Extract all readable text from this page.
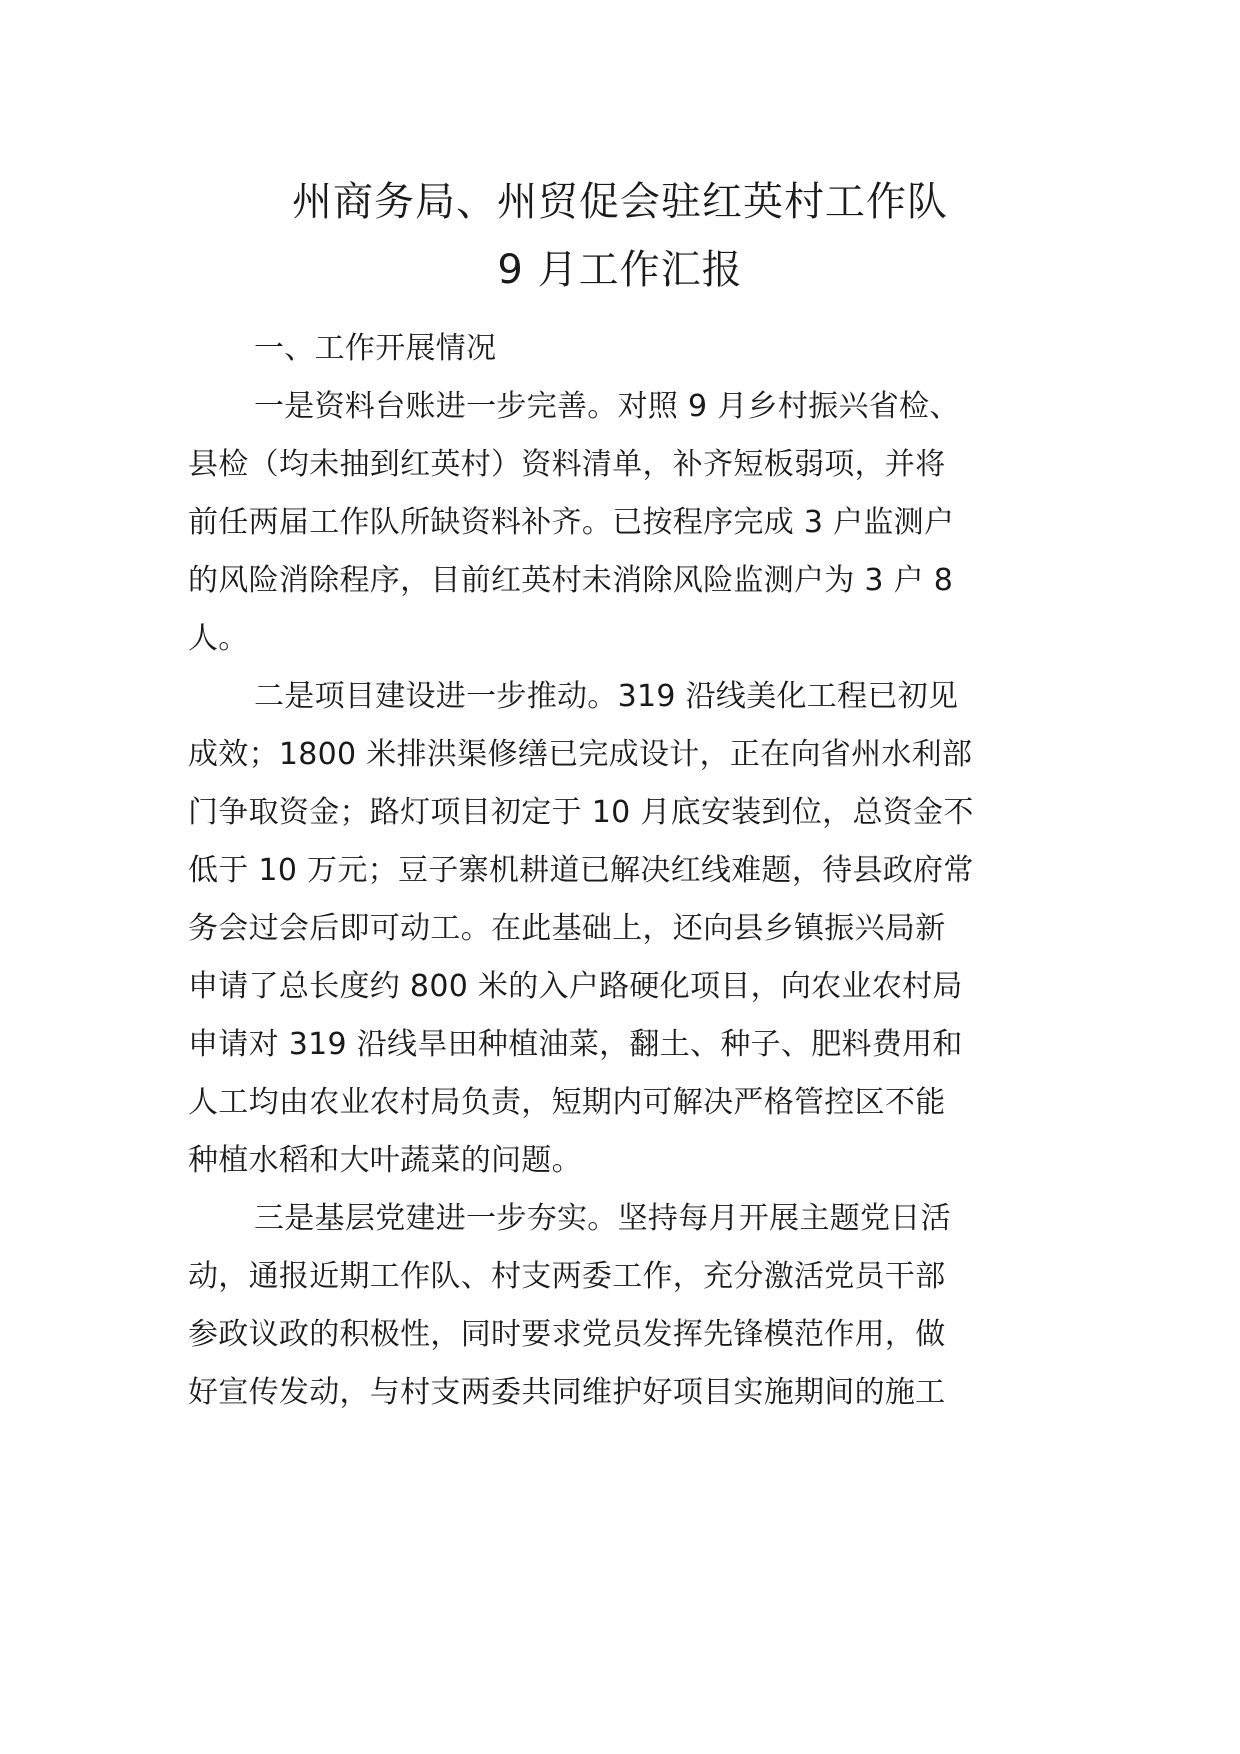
州商务局、州贸促会驻红英村工作队
9 月工作汇报
一、工作开展情况
一是资料台账进一步完善。对照 9 月乡村振兴省检、
县检（均未抽到红英村）资料清单，补齐短板弱项，并将
前任两届工作队所缺资料补齐。已按程序完成 3 户监测户
的风险消除程序，目前红英村未消除风险监测户为 3 户 8
人。
二是项目建设进一步推动。319 沿线美化工程已初见
成效；1800 米排洪渠修缮已完成设计，正在向省州水利部
门争取资金；路灯项目初定于 10 月底安装到位，总资金不
低于 10 万元；豆子寨机耕道已解决红线难题，待县政府常
务会过会后即可动工。在此基础上，还向县乡镇振兴局新
申请了总长度约 800 米的入户路硬化项目，向农业农村局
申请对 319 沿线旱田种植油菜，翻土、种子、肥料费用和
人工均由农业农村局负责，短期内可解决严格管控区不能
种植水稻和大叶蔬菜的问题。
三是基层党建进一步夯实。坚持每月开展主题党日活
动，通报近期工作队、村支两委工作，充分激活党员干部
参政议政的积极性，同时要求党员发挥先锋模范作用，做
好宣传发动，与村支两委共同维护好项目实施期间的施工
